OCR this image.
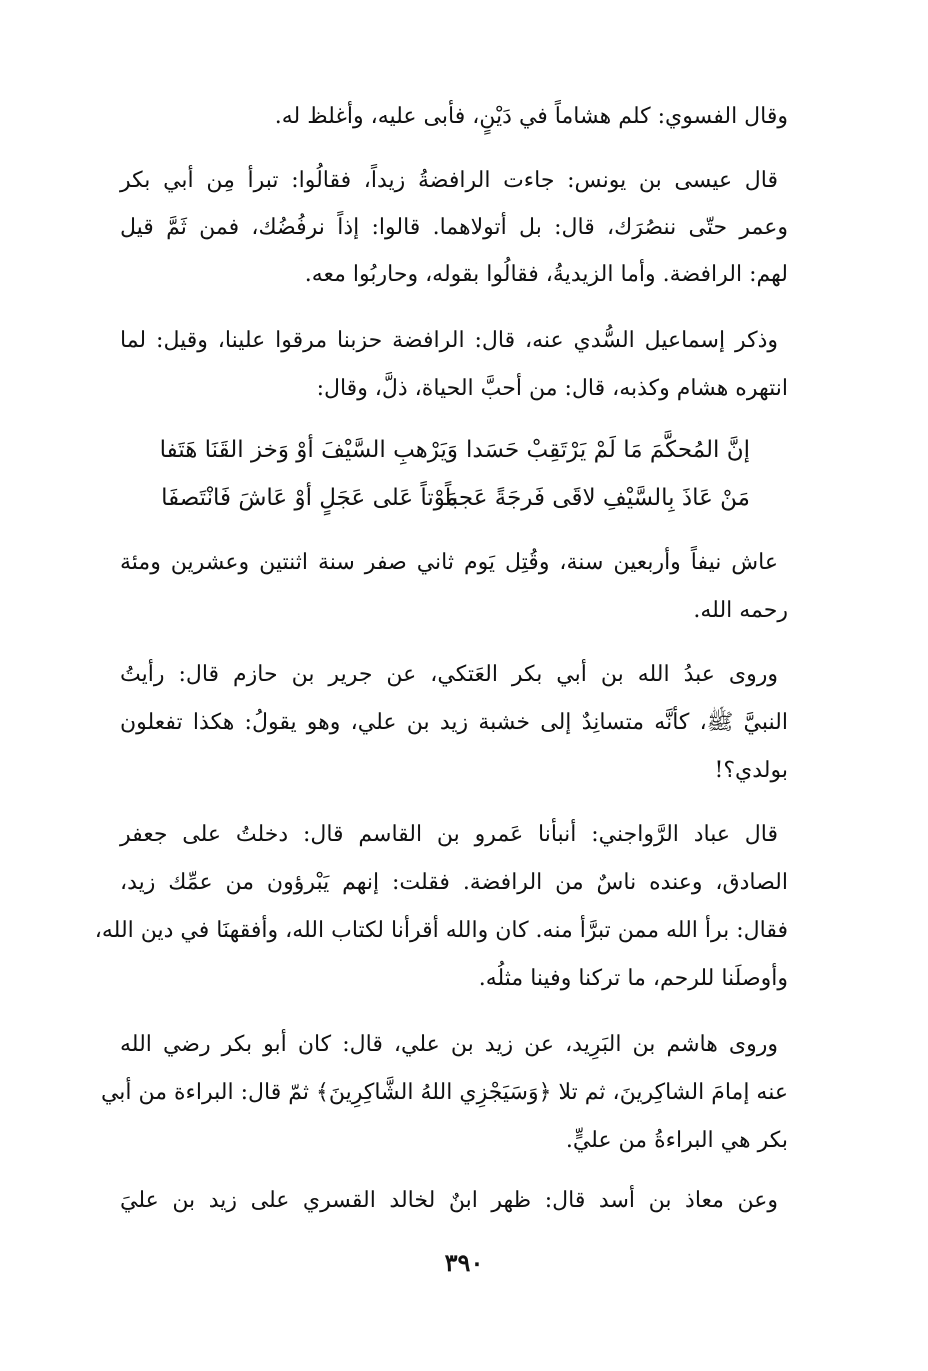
وقال الفسوي: كلم هشاماً في دَيْنٍ، فأبى عليه، وأغلظ له.
قال عيسى بن يونس: جاءت الرافضةُ زيداً، فقالُوا: تبرأ مِن أبي بكر
وعمر حتّى ننصُرَك، قال: بل أتولاهما. قالوا: إذاً نرفُضُك، فمن ثَمَّ قيل
لهم: الرافضة. وأما الزيديةُ، فقالُوا بقوله، وحاربُوا معه.
وذكر إسماعيل السُّدي عنه، قال: الرافضة حزبنا مرقوا علينا، وقيل: لما
انتهره هشام وكذبه، قال: من أحبَّ الحياة، ذلَّ، وقال:
إنَّ المُحكَّمَ مَا لَمْ يَرْتَقِبْ حَسَدا
وَيَرْهبِ السَّيْفَ أوْ وَخز القَنَا هَتَفا
مَنْ عَاذَ بِالسَّيْفِ لاقَى فَرجَةً عَجباً
مَوْتاً عَلى عَجَلٍ أوْ عَاشَ فَانْتَصفَا
عاش نيفاً وأربعين سنة، وقُتِل يَوم ثاني صفر سنة اثنتين وعشرين ومئة
رحمه الله.
وروى عبدُ الله بن أبي بكر العَتكي، عن جرير بن حازم قال: رأيتُ
النبيَّ ﷺ، كأنَّه متسانِدٌ إلى خشبة زيد بن علي، وهو يقولُ: هكذا تفعلون
بولدي؟!
قال عباد الرَّواجني: أنبأنا عَمرو بن القاسم قال: دخلتُ على جعفر
الصادق، وعنده ناسٌ من الرافضة. فقلت: إنهم يَبْرؤون من عمِّك زيد،
فقال: برأ الله ممن تبرَّأ منه. كان والله أقرأنا لكتاب الله، وأفقهنَا في دين الله،
وأوصلَنا للرحم، ما تركنا وفينا مثلُه.
وروى هاشم بن البَرِيد، عن زيد بن علي، قال: كان أبو بكر رضي الله
عنه إمامَ الشاكِرينَ، ثم تلا ﴿وَسَيَجْزِي اللهُ الشَّاكِرِينَ﴾ ثمّ قال: البراءة من أبي
بكر هي البراءةُ من عليٍّ.
وعن معاذ بن أسد قال: ظهر ابنٌ لخالد القسري على زيد بن عليَ
٣٩٠
